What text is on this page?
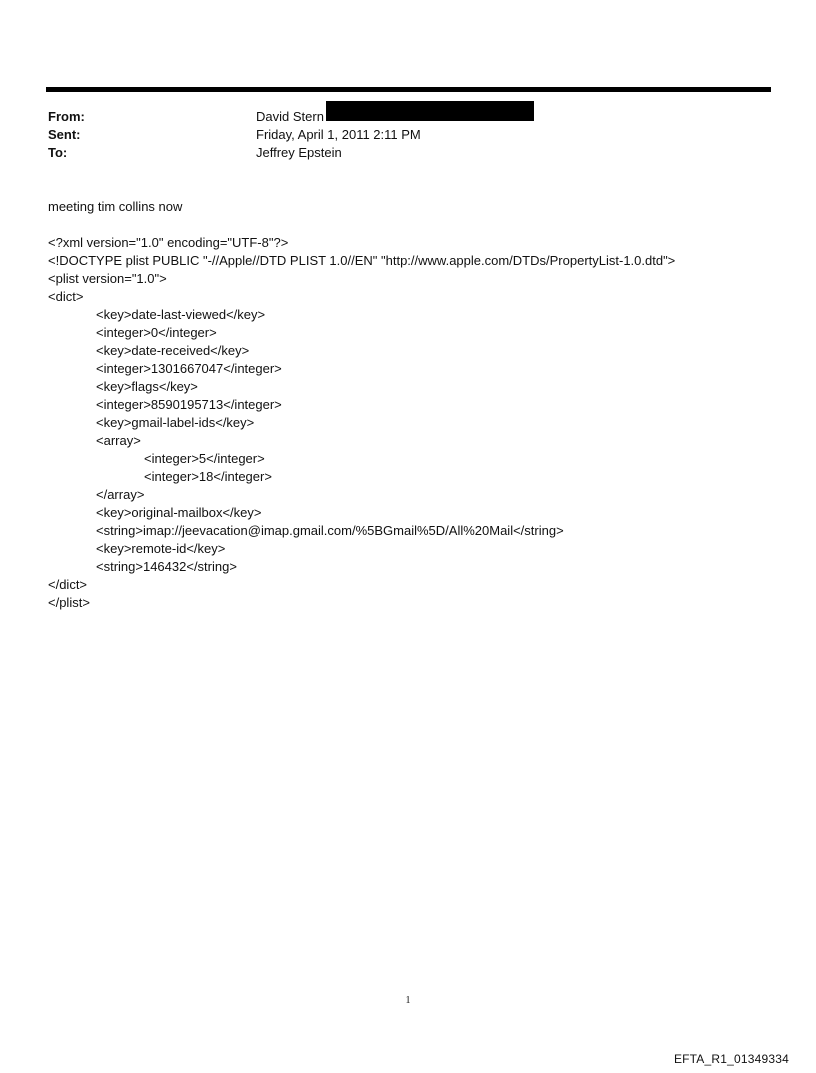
From:	David Stern
Sent:	Friday, April 1, 2011 2:11 PM
To:	Jeffrey Epstein
meeting tim collins now
<?xml version="1.0" encoding="UTF-8"?>
<!DOCTYPE plist PUBLIC "-//Apple//DTD PLIST 1.0//EN" "http://www.apple.com/DTDs/PropertyList-1.0.dtd">
<plist version="1.0">
<dict>
<key>date-last-viewed</key>
<integer>0</integer>
<key>date-received</key>
<integer>1301667047</integer>
<key>flags</key>
<integer>8590195713</integer>
<key>gmail-label-ids</key>
<array>
<integer>5</integer>
<integer>18</integer>
</array>
<key>original-mailbox</key>
<string>imap://jeevacation@imap.gmail.com/%5BGmail%5D/All%20Mail</string>
<key>remote-id</key>
<string>146432</string>
</dict>
</plist>
1
EFTA_R1_01349334
